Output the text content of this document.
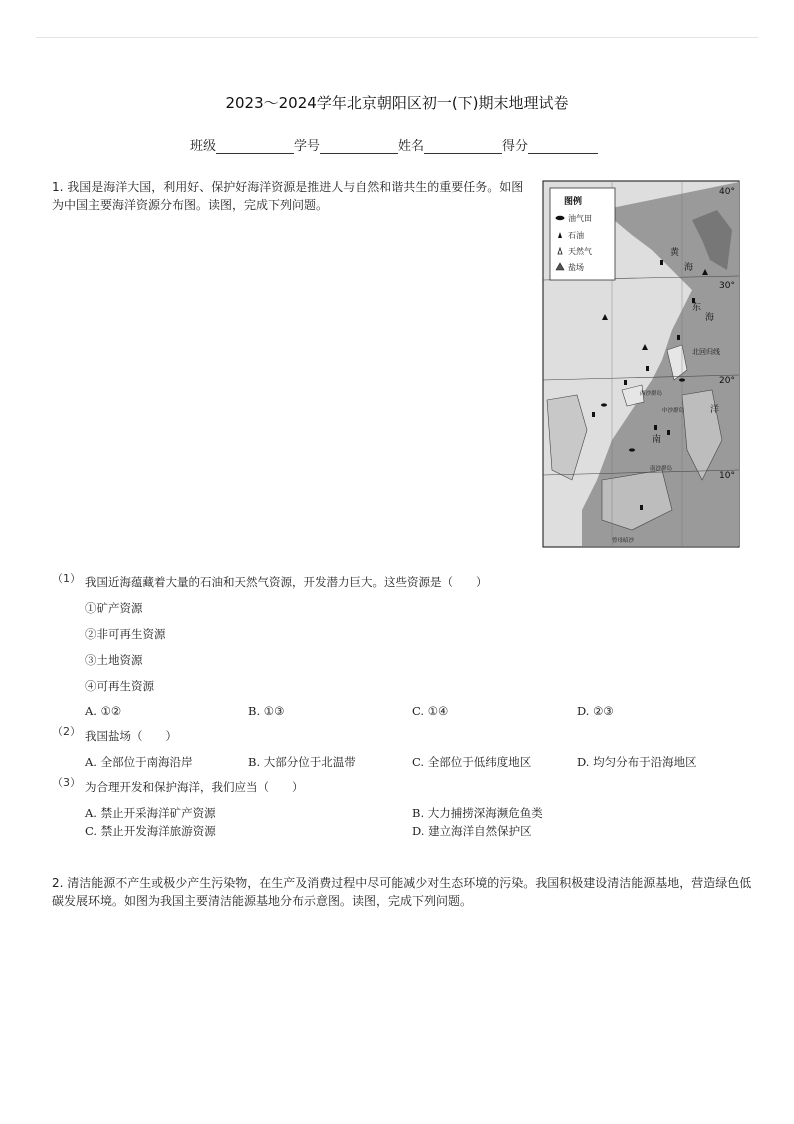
2023～2024学年北京朝阳区初一(下)期末地理试卷
班级	学号	姓名	得分
1. 我国是海洋大国，利用好、保护好海洋资源是推进人与自然和谐共生的重要任务。如图为中国主要海洋资源分布图。读图，完成下列问题。
40°
30°
20°
10°
黄
海
东
海
北回归线
南
洋
西沙群岛
中沙群岛
南沙群岛
曾母暗沙
图例
油气田
石油
天然气
盐场
（1） 我国近海蕴藏着大量的石油和天然气资源，开发潜力巨大。这些资源是（　　）
①矿产资源
②非可再生资源
③土地资源
④可再生资源
A. ①②	B. ①③	C. ①④	D. ②③
（2） 我国盐场（　　）
A. 全部位于南海沿岸	B. 大部分位于北温带	C. 全部位于低纬度地区	D. 均匀分布于沿海地区
（3） 为合理开发和保护海洋，我们应当（　　）
A. 禁止开采海洋矿产资源	B. 大力捕捞深海濒危鱼类
C. 禁止开发海洋旅游资源	D. 建立海洋自然保护区
2. 清洁能源不产生或极少产生污染物，在生产及消费过程中尽可能减少对生态环境的污染。我国积极建设清洁能源基地，营造绿色低碳发展环境。如图为我国主要清洁能源基地分布示意图。读图，完成下列问题。
